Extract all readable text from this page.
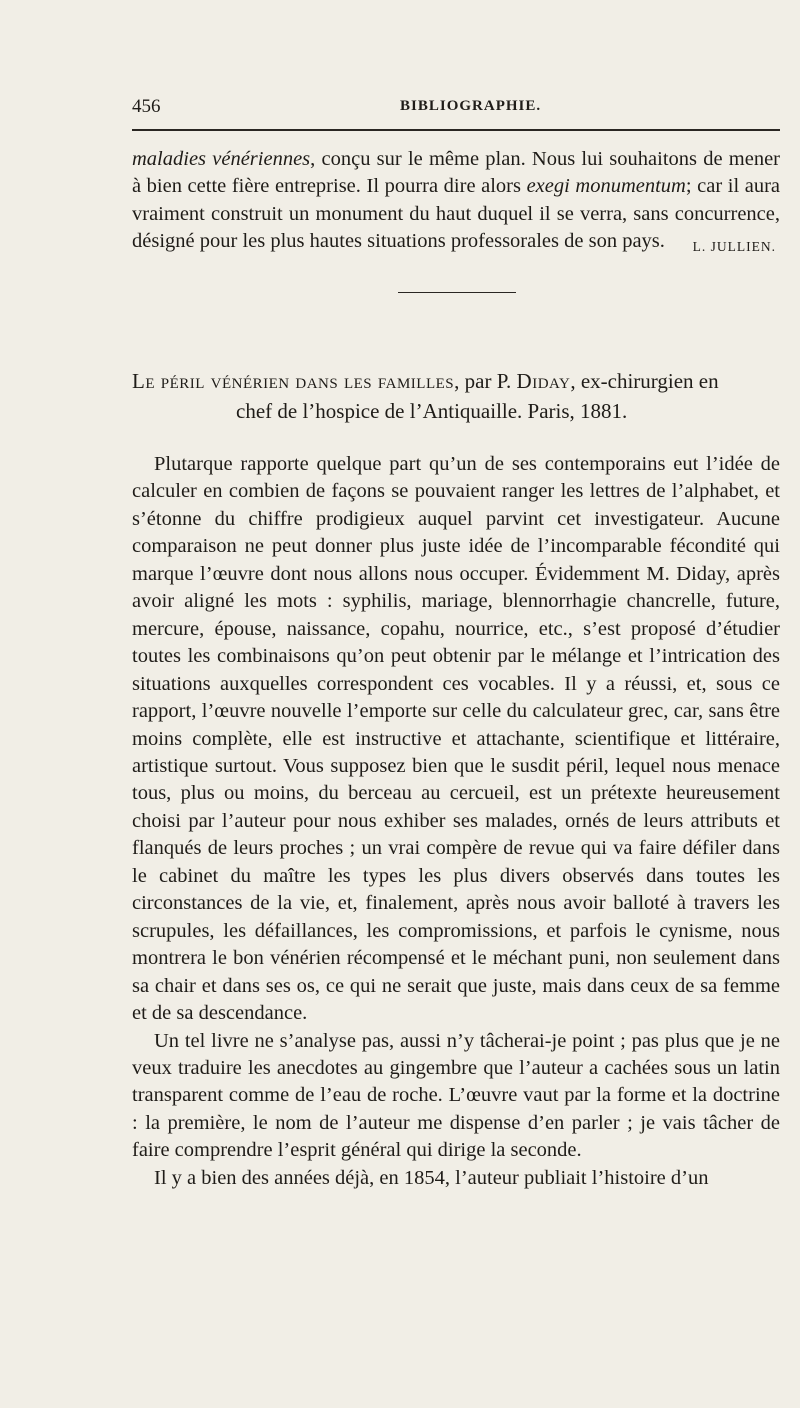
456	BIBLIOGRAPHIE.

maladies vénériennes, conçu sur le même plan. Nous lui souhaitons de mener à bien cette fière entreprise. Il pourra dire alors exegi monumentum; car il aura vraiment construit un monument du haut duquel il se verra, sans concurrence, désigné pour les plus hautes situations professorales de son pays.	L. JULLIEN.
Le péril vénérien dans les familles, par P. Diday, ex-chirurgien en
chef de l’hospice de l’Antiquaille. Paris, 1881.

Plutarque rapporte quelque part qu’un de ses contemporains eut l’idée de calculer en combien de façons se pouvaient ranger les lettres de l’alphabet, et s’étonne du chiffre prodigieux auquel parvint cet investigateur. Aucune comparaison ne peut donner plus juste idée de l’incomparable fécondité qui marque l’œuvre dont nous allons nous occuper. Évidemment M. Diday, après avoir aligné les mots : syphilis, mariage, blennorrhagie chancrelle, future, mercure, épouse, naissance, copahu, nourrice, etc., s’est proposé d’étudier toutes les combinaisons qu’on peut obtenir par le mélange et l’intrication des situations auxquelles correspondent ces vocables. Il y a réussi, et, sous ce rapport, l’œuvre nouvelle l’emporte sur celle du calculateur grec, car, sans être moins complète, elle est instructive et attachante, scientifique et littéraire, artistique surtout. Vous supposez bien que le susdit péril, lequel nous menace tous, plus ou moins, du berceau au cercueil, est un prétexte heureusement choisi par l’auteur pour nous exhiber ses malades, ornés de leurs attributs et flanqués de leurs proches ; un vrai compère de revue qui va faire défiler dans le cabinet du maître les types les plus divers observés dans toutes les circonstances de la vie, et, finalement, après nous avoir balloté à travers les scrupules, les défaillances, les compromissions, et parfois le cynisme, nous montrera le bon vénérien récompensé et le méchant puni, non seulement dans sa chair et dans ses os, ce qui ne serait que juste, mais dans ceux de sa femme et de sa descendance.

Un tel livre ne s’analyse pas, aussi n’y tâcherai-je point ; pas plus que je ne veux traduire les anecdotes au gingembre que l’auteur a cachées sous un latin transparent comme de l’eau de roche. L’œuvre vaut par la forme et la doctrine : la première, le nom de l’auteur me dispense d’en parler ; je vais tâcher de faire comprendre l’esprit général qui dirige la seconde.

Il y a bien des années déjà, en 1854, l’auteur publiait l’histoire d’un
